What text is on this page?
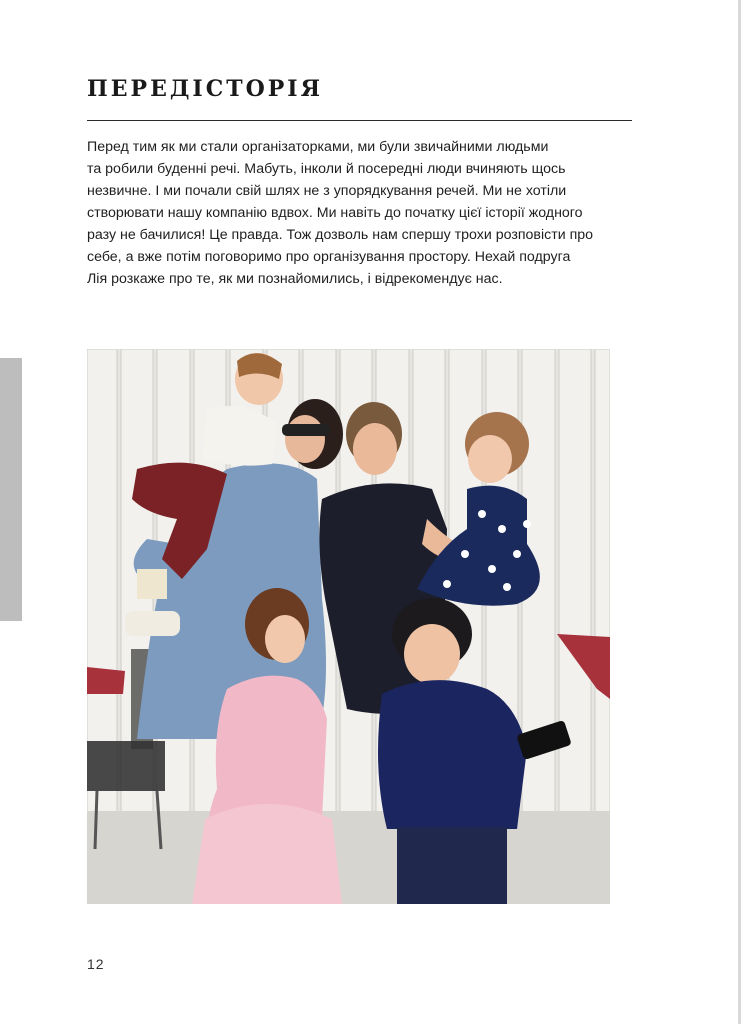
ПЕРЕДІСТОРІЯ
Перед тим як ми стали організаторками, ми були звичайними людьми
та робили буденні речі. Мабуть, інколи й посередні люди вчиняють щось
незвичне. І ми почали свій шлях не з упорядкування речей. Ми не хотіли
створювати нашу компанію вдвох. Ми навіть до початку цієї історії жодного
разу не бачилися! Це правда. Тож дозволь нам спершу трохи розповісти про
себе, а вже потім поговоримо про організування простору. Нехай подруга
Лія розкаже про те, як ми познайомились, і відрекомендує нас.
12
